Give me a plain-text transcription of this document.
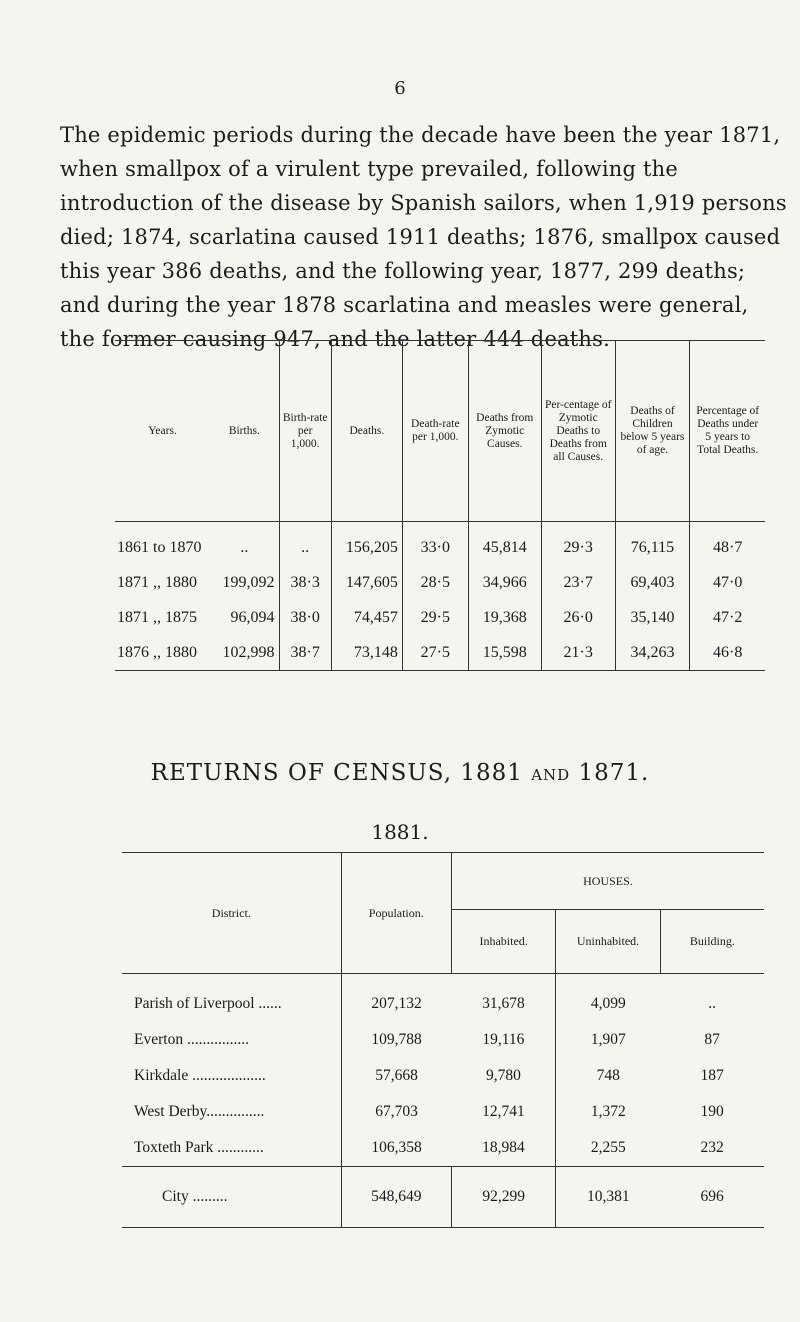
6

The epidemic periods during the decade have been the year 1871, when smallpox of a virulent type prevailed, following the introduction of the disease by Spanish sailors, when 1,919 persons died; 1874, scarlatina caused 1911 deaths; 1876, smallpox caused this year 386 deaths, and the following year, 1877, 299 deaths; and during the year 1878 scarlatina and measles were general, the former causing 947, and the latter 444 deaths.

Years.	Births.	Birth-rate per 1,000.	Deaths.	Death-rate per 1,000.	Deaths from Zymotic Causes.	Per-centage of Zymotic Deaths to Deaths from all Causes.	Deaths of Children below 5 years of age.	Percentage of Deaths under 5 years to Total Deaths.
1861 to 1870	..	..	156,205	33·0	45,814	29·3	76,115	48·7
1871 ,, 1880	199,092	38·3	147,605	28·5	34,966	23·7	69,403	47·0
1871 ,, 1875	96,094	38·0	74,457	29·5	19,368	26·0	35,140	47·2
1876 ,, 1880	102,998	38·7	73,148	27·5	15,598	21·3	34,263	46·8
RETURNS OF CENSUS, 1881 AND 1871.
1881.
District.	Population.	HOUSES.		
		Inhabited.	Uninhabited.	Building.
Parish of Liverpool ......	207,132	31,678	4,099	..
Everton ................	109,788	19,116	1,907	87
Kirkdale ...................	57,668	9,780	748	187
West Derby...............	67,703	12,741	1,372	190
Toxteth Park ............	106,358	18,984	2,255	232
City .........	548,649	92,299	10,381	696
